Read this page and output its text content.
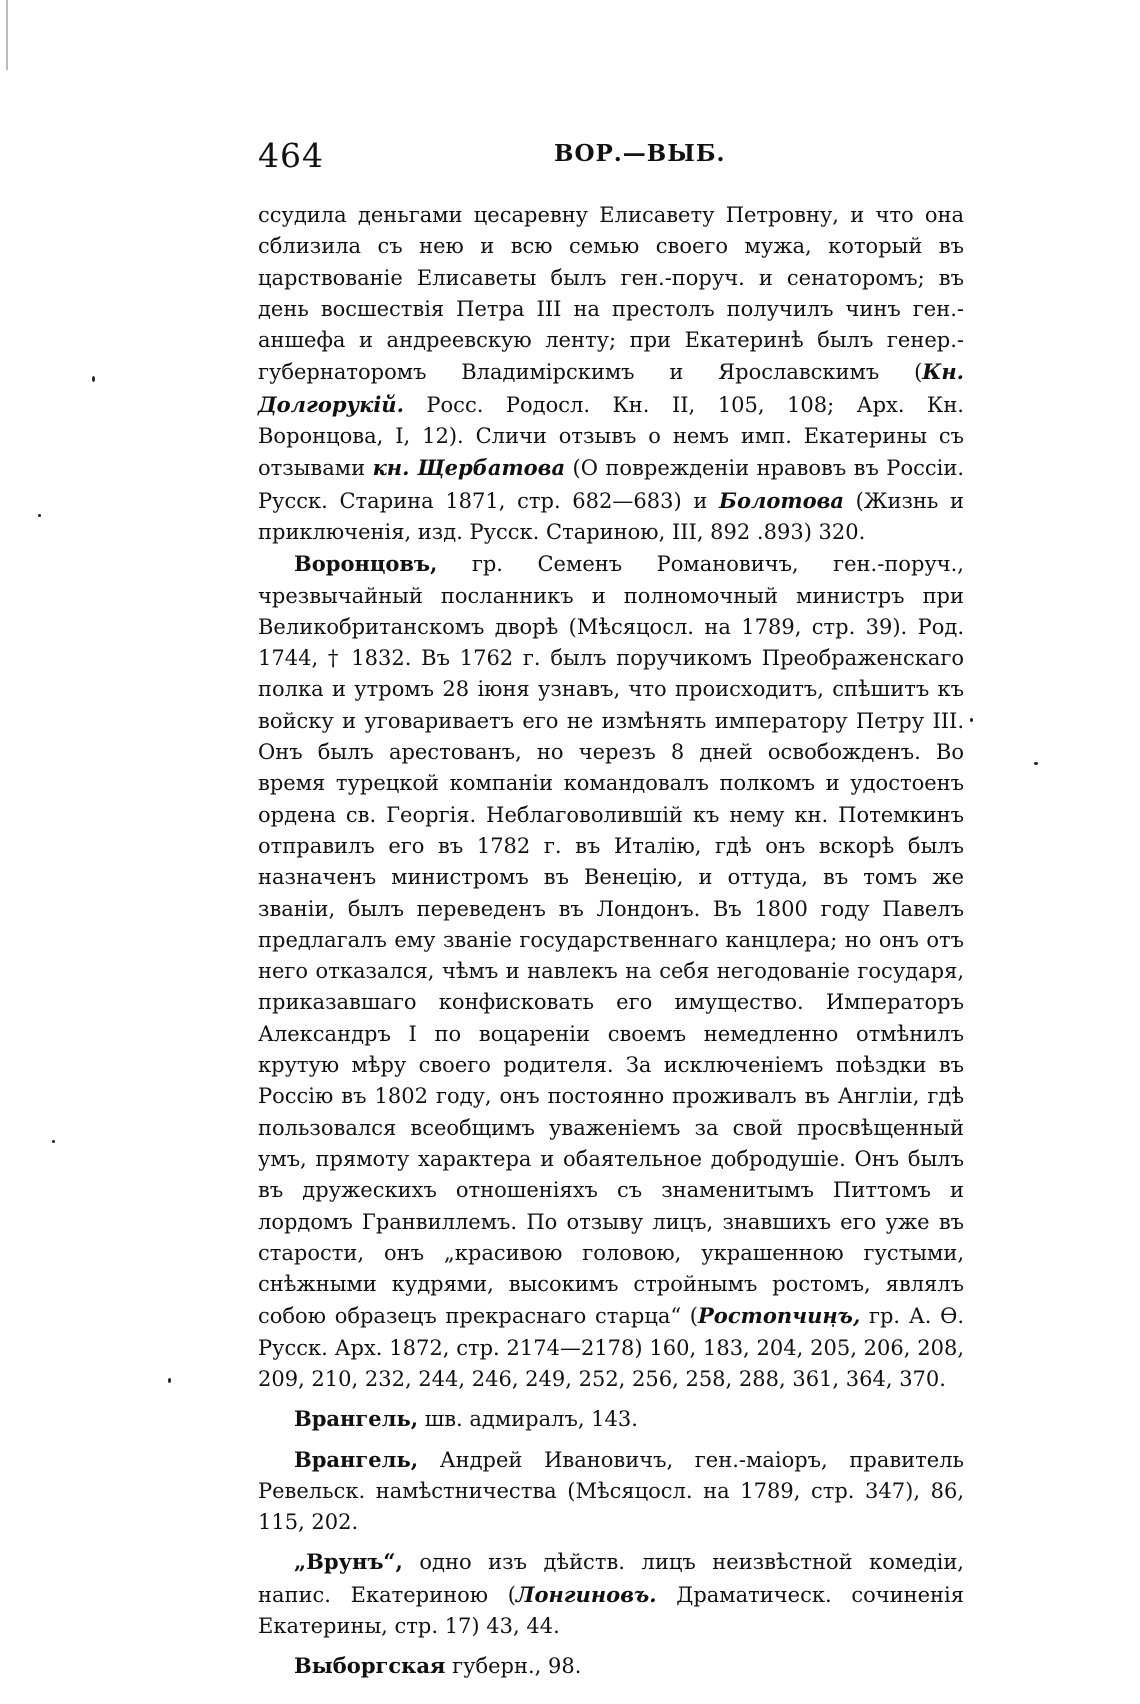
464	ВОР.—ВЫБ.

ссудила деньгами цесаревну Елисавету Петровну, и что она сблизила съ нею и всю семью своего мужа, который въ царствованіе Елисаветы былъ ген.-поруч. и сенаторомъ; въ день восшествія Петра III на престолъ получилъ чинъ ген.-аншефа и андреевскую ленту; при Екатеринѣ былъ генер.-губернаторомъ Владимірскимъ и Ярославскимъ (Кн. Долгорукій. Росс. Родосл. Кн. II, 105, 108; Арх. Кн. Воронцова, I, 12). Сличи отзывъ о немъ имп. Екатерины съ отзывами кн. Щербатова (О поврежденіи нравовъ въ Россіи. Русск. Старина 1871, стр. 682—683) и Болотова (Жизнь и приключенія, изд. Русск. Стариною, III, 892 .893) 320.

Воронцовъ, гр. Семенъ Романовичъ, ген.-поруч., чрезвычайный посланникъ и полномочный министръ при Великобританскомъ дворѣ (Мѣсяцосл. на 1789, стр. 39). Род. 1744, † 1832. Въ 1762 г. былъ поручикомъ Преображенскаго полка и утромъ 28 іюня узнавъ, что происходитъ, спѣшитъ къ войску и уговариваетъ его не измѣнять императору Петру III. Онъ былъ арестованъ, но черезъ 8 дней освобожденъ. Во время турецкой компаніи командовалъ полкомъ и удостоенъ ордена св. Георгія. Неблаговолившій къ нему кн. Потемкинъ отправилъ его въ 1782 г. въ Италію, гдѣ онъ вскорѣ былъ назначенъ министромъ въ Венецію, и оттуда, въ томъ же званіи, былъ переведенъ въ Лондонъ. Въ 1800 году Павелъ предлагалъ ему званіе государственнаго канцлера; но онъ отъ него отказался, чѣмъ и навлекъ на себя негодованіе государя, приказавшаго конфисковать его имущество. Императоръ Александръ I по воцареніи своемъ немедленно отмѣнилъ крутую мѣру своего родителя. За исключеніемъ поѣздки въ Россію въ 1802 году, онъ постоянно проживалъ въ Англіи, гдѣ пользовался всеобщимъ уваженіемъ за свой просвѣщенный умъ, прямоту характера и обаятельное добродушіе. Онъ былъ въ дружескихъ отношеніяхъ съ знаменитымъ Питтомъ и лордомъ Гранвиллемъ. По отзыву лицъ, знавшихъ его уже въ старости, онъ „красивою головою, украшенною густыми, снѣжными кудрями, высокимъ стройнымъ ростомъ, являлъ собою образецъ прекраснаго старца“ (Ростопчинъ, гр. А. Ѳ. Русск. Арх. 1872, стр. 2174—2178) 160, 183, 204, 205, 206, 208, 209, 210, 232, 244, 246, 249, 252, 256, 258, 288, 361, 364, 370.

Врангель, шв. адмиралъ, 143.

Врангель, Андрей Ивановичъ, ген.-маіоръ, правитель Ревельск. намѣстничества (Мѣсяцосл. на 1789, стр. 347), 86, 115, 202.

„Врунъ“, одно изъ дѣйств. лицъ неизвѣстной комедіи, напис. Екатериною (Лонгиновъ. Драматическ. сочиненія Екатерины, стр. 17) 43, 44.

Выборгская губерн., 98.
